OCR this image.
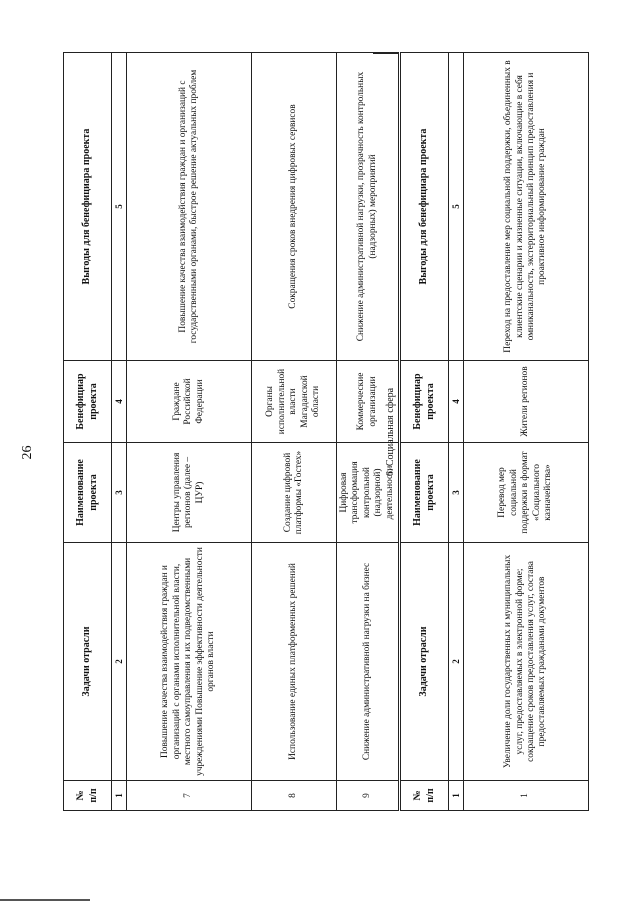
26
№ п/п	Задачи отрасли	Наименование проекта	Бенефициар проекта	Выгоды для бенефициара проекта
1	2	3	4	5
7	Повышение качества взаимодействия граждан и организаций с органами исполнительной власти, местного самоуправления и их подведомственными учреждениями Повышение эффективности деятельности органов власти	Центры управления регионов (далее – ЦУР)	Граждане Российской Федерации	Повышение качества взаимодействия граждан и организаций с государственными органами, быстрое решение актуальных проблем
8	Использование единых платформенных решений	Создание цифровой платформы «Гостех»	Органы исполнительной власти Магаданской области	Сокращения сроков внедрения цифровых сервисов
9	Снижение административной нагрузки на бизнес	Цифровая трансформация контрольной (надзорной) деятельности	Коммерческие организации	Снижение административной нагрузки, прозрачность контрольных (надзорных) мероприятий
6. Социальная сфера
№ п/п	Задачи отрасли	Наименование проекта	Бенефициар проекта	Выгоды для бенефициара проекта
1	2	3	4	5
1	Увеличение доли государственных и муниципальных услуг, предоставляемых в электронной форме; сокращение сроков предоставления услуг, состава предоставляемых гражданами документов	Перевод мер социальной поддержки в формат «Социального казначейства»	Жители регионов	Переход на предоставление мер социальной поддержки, объединенных в клиентские сценарии и жизненные ситуации, включающие в себя омниканальность, экстерриториальный принцип предоставления и проактивное информирование граждан
